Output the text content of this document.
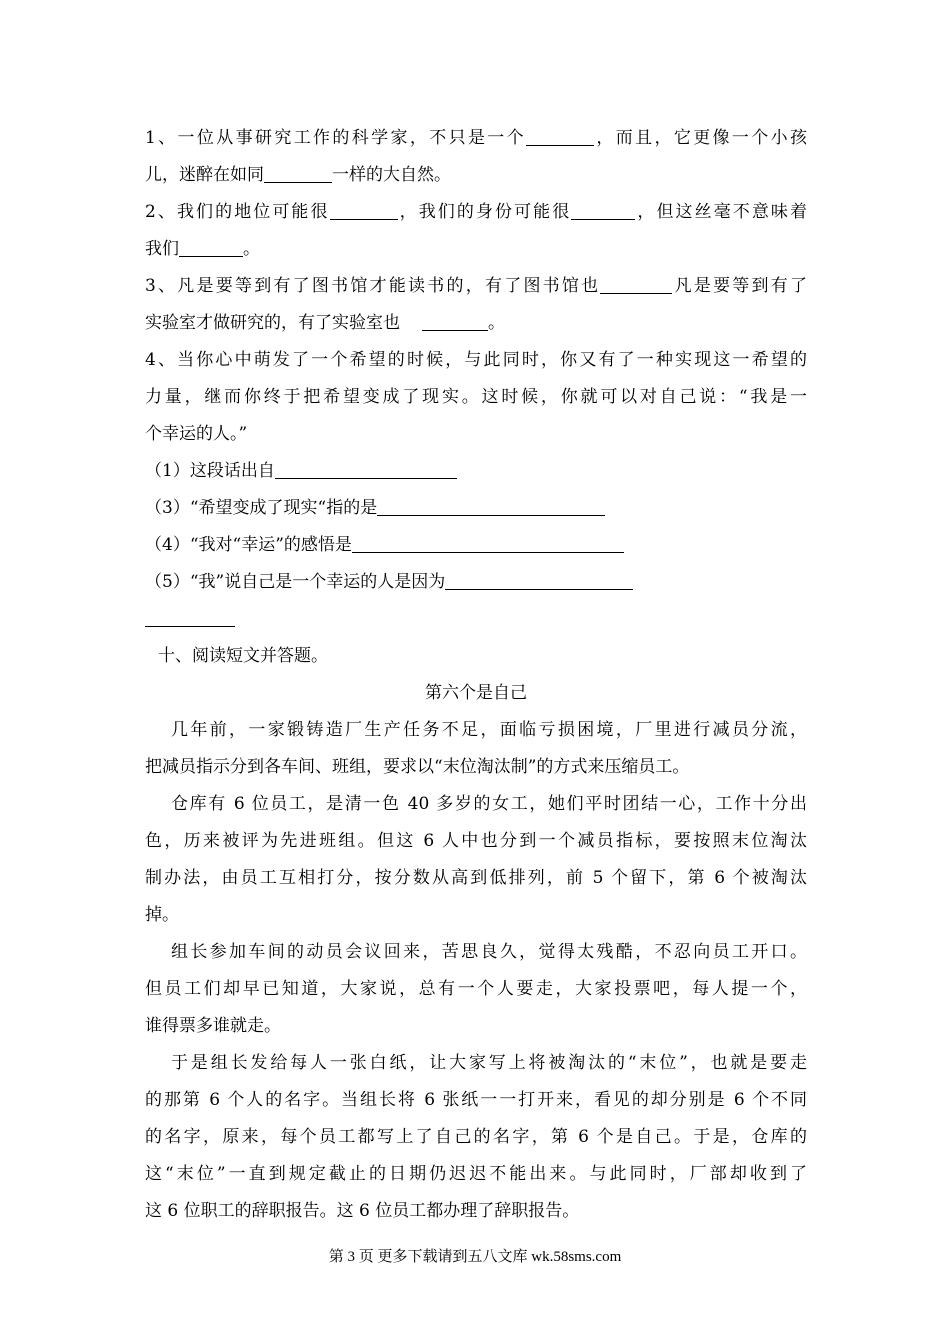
1、一位从事研究工作的科学家，不只是一个	，而且，它更像一个小孩
儿，迷醉在如同	一样的大自然。
2、我们的地位可能很	，我们的身份可能很	，但这丝毫不意味着
我们	。
3、凡是要等到有了图书馆才能读书的，有了图书馆也	凡是要等到有了
实验室才做研究的，有了实验室也	。
4、当你心中萌发了一个希望的时候，与此同时，你又有了一种实现这一希望的
力量，继而你终于把希望变成了现实。这时候，你就可以对自己说：“我是一
个幸运的人。”
（1）这段话出自
（3）“希望变成了现实“指的是
（4）“我对“幸运”的感悟是
（5）“我”说自己是一个幸运的人是因为
十、阅读短文并答题。
第六个是自己
几年前，一家锻铸造厂生产任务不足，面临亏损困境，厂里进行减员分流，
把减员指示分到各车间、班组，要求以“末位淘汰制”的方式来压缩员工。
仓库有 6 位员工，是清一色 40 多岁的女工，她们平时团结一心，工作十分出
色，历来被评为先进班组。但这 6 人中也分到一个减员指标，要按照末位淘汰
制办法，由员工互相打分，按分数从高到低排列，前 5 个留下，第 6 个被淘汰
掉。
组长参加车间的动员会议回来，苦思良久，觉得太残酷，不忍向员工开口。
但员工们却早已知道，大家说，总有一个人要走，大家投票吧，每人提一个，
谁得票多谁就走。
于是组长发给每人一张白纸，让大家写上将被淘汰的“末位”，也就是要走
的那第 6 个人的名字。当组长将 6 张纸一一打开来，看见的却分别是 6 个不同
的名字，原来，每个员工都写上了自己的名字，第 6 个是自己。于是，仓库的
这“末位”一直到规定截止的日期仍迟迟不能出来。与此同时，厂部却收到了
这 6 位职工的辞职报告。这 6 位员工都办理了辞职报告。
第 3 页 更多下载请到五八文库 wk.58sms.com
